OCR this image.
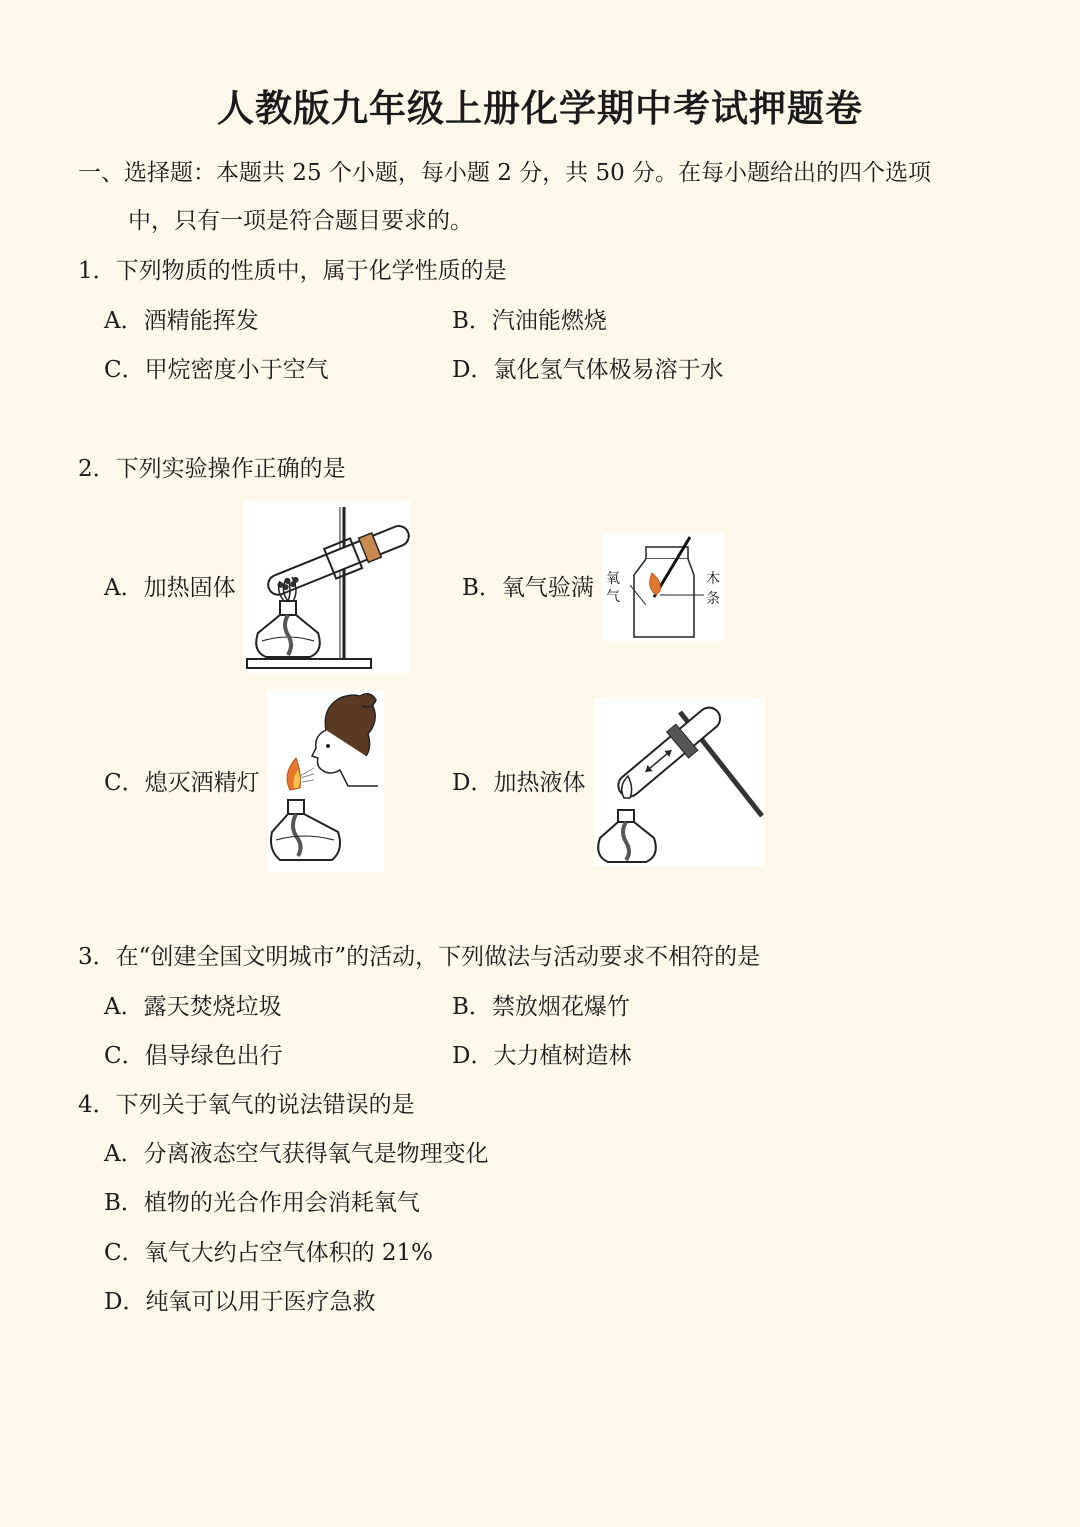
人教版九年级上册化学期中考试押题卷
一、选择题：本题共 25 个小题，每小题 2 分，共 50 分。在每小题给出的四个选项
中，只有一项是符合题目要求的。
1．下列物质的性质中，属于化学性质的是
A．酒精能挥发	B．汽油能燃烧
C．甲烷密度小于空气	D．氯化氢气体极易溶于水
2．下列实验操作正确的是
A．加热固体	B．氧气验满
C．熄灭酒精灯	D．加热液体
氧
气
木
条
3．在“创建全国文明城市”的活动，下列做法与活动要求不相符的是
A．露天焚烧垃圾	B．禁放烟花爆竹
C．倡导绿色出行	D．大力植树造林
4．下列关于氧气的说法错误的是
A．分离液态空气获得氧气是物理变化
B．植物的光合作用会消耗氧气
C．氧气大约占空气体积的 21%
D．纯氧可以用于医疗急救
